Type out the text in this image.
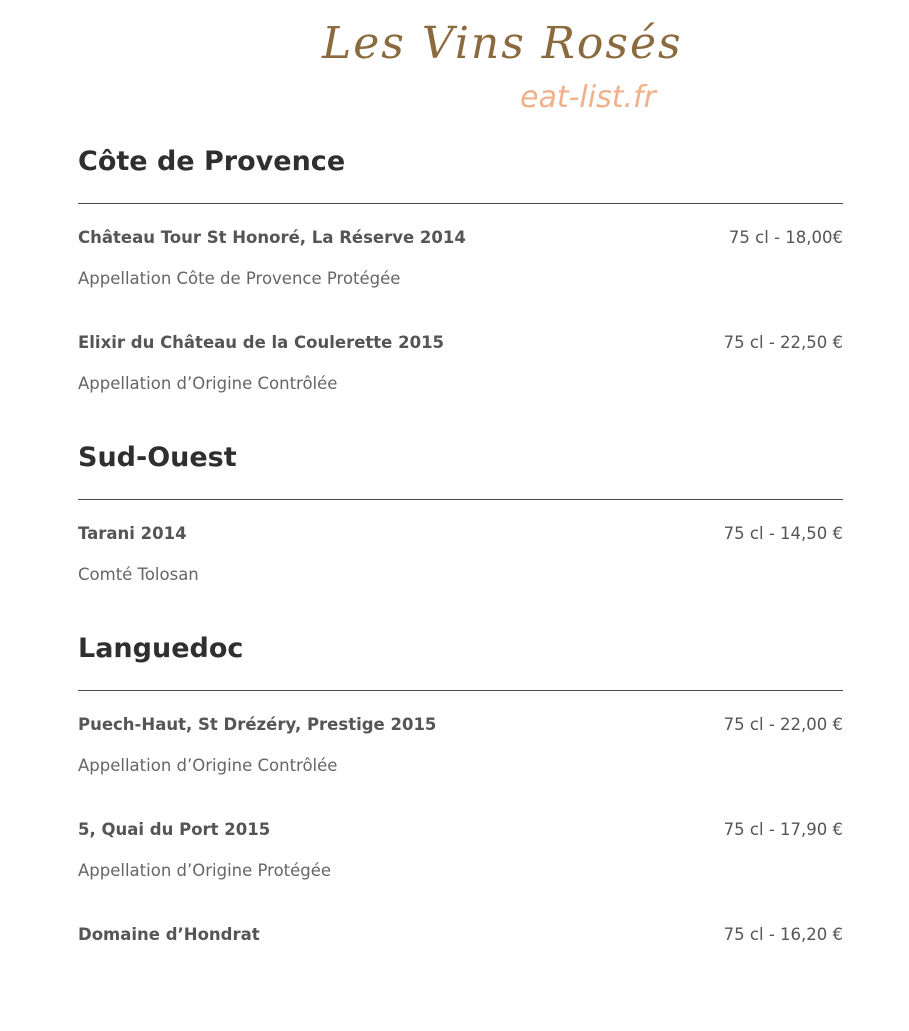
Les Vins Rosés
eat-list.fr
Côte de Provence
Château Tour St Honoré, La Réserve 2014	75 cl - 18,00€
Appellation Côte de Provence Protégée
Elixir du Château de la Coulerette 2015	75 cl - 22,50 €
Appellation d’Origine Contrôlée
Sud-Ouest
Tarani 2014	75 cl - 14,50 €
Comté Tolosan
Languedoc
Puech-Haut, St Drézéry, Prestige 2015	75 cl - 22,00 €
Appellation d’Origine Contrôlée
5, Quai du Port 2015	75 cl - 17,90 €
Appellation d’Origine Protégée
Domaine d’Hondrat	75 cl - 16,20 €
